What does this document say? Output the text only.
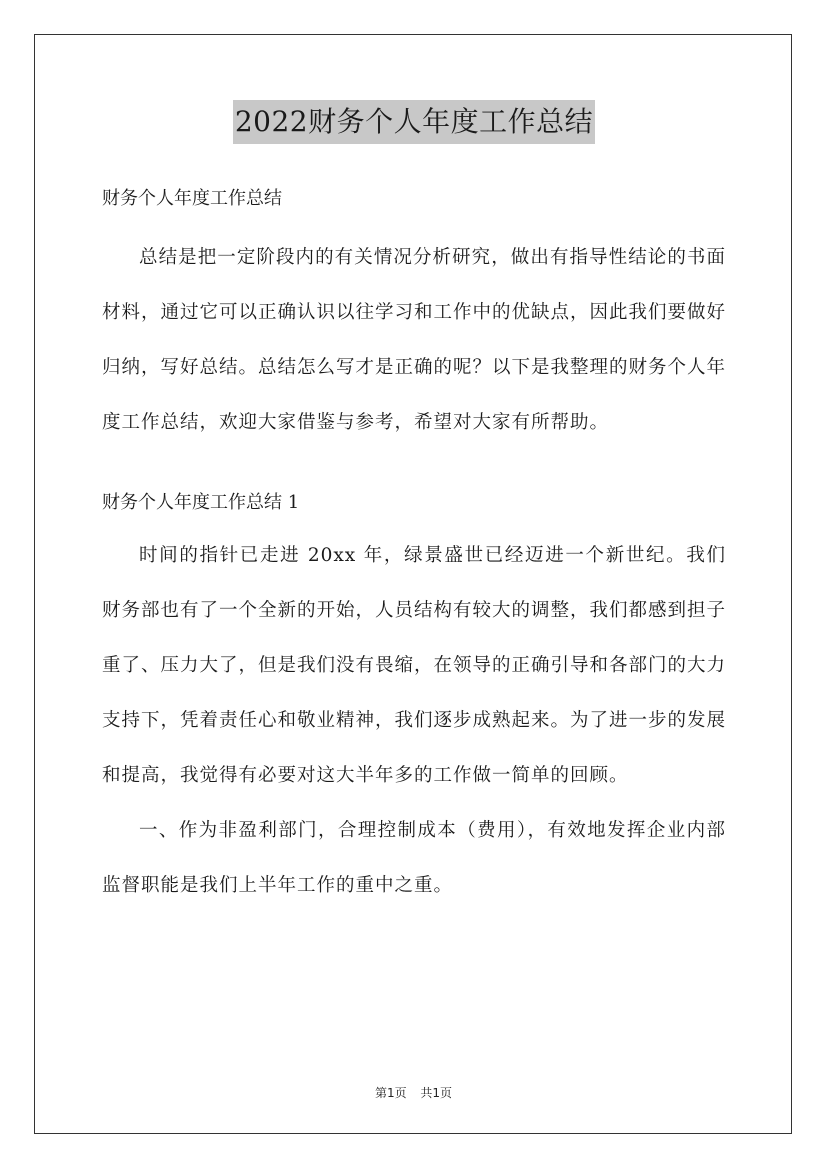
2022财务个人年度工作总结

财务个人年度工作总结

总结是把一定阶段内的有关情况分析研究，做出有指导性结论的书面材料，通过它可以正确认识以往学习和工作中的优缺点，因此我们要做好归纳，写好总结。总结怎么写才是正确的呢？以下是我整理的财务个人年度工作总结，欢迎大家借鉴与参考，希望对大家有所帮助。

财务个人年度工作总结 1

时间的指针已走进 20xx 年，绿景盛世已经迈进一个新世纪。我们财务部也有了一个全新的开始，人员结构有较大的调整，我们都感到担子重了、压力大了，但是我们没有畏缩，在领导的正确引导和各部门的大力支持下，凭着责任心和敬业精神，我们逐步成熟起来。为了进一步的发展和提高，我觉得有必要对这大半年多的工作做一简单的回顾。

一、作为非盈利部门，合理控制成本（费用），有效地发挥企业内部监督职能是我们上半年工作的重中之重。

第1页 共1页
